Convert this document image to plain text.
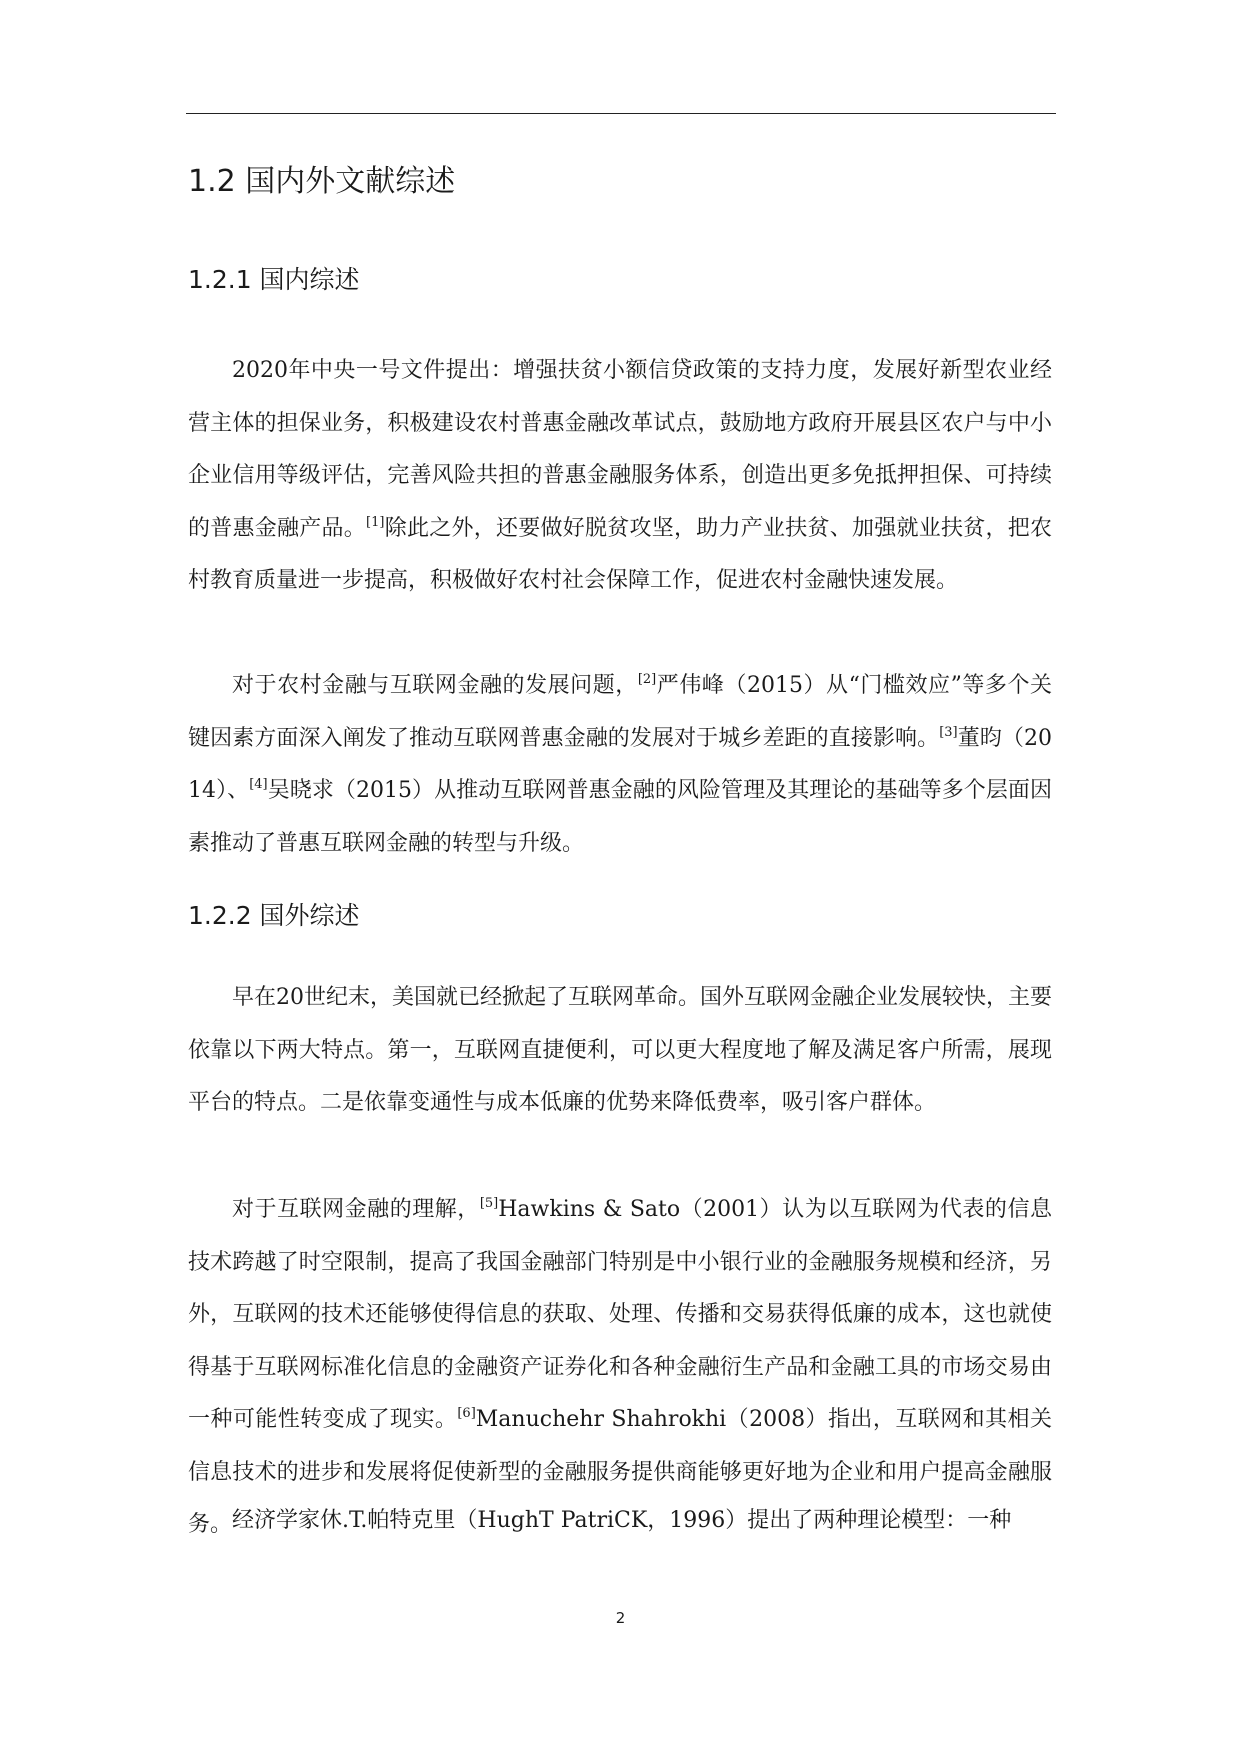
1.2 国内外文献综述
1.2.1 国内综述

2020年中央一号文件提出：增强扶贫小额信贷政策的支持力度，发展好新型农业经营主体的担保业务，积极建设农村普惠金融改革试点，鼓励地方政府开展县区农户与中小企业信用等级评估，完善风险共担的普惠金融服务体系，创造出更多免抵押担保、可持续的普惠金融产品。[1]除此之外，还要做好脱贫攻坚，助力产业扶贫、加强就业扶贫，把农村教育质量进一步提高，积极做好农村社会保障工作，促进农村金融快速发展。

对于农村金融与互联网金融的发展问题，[2]严伟峰（2015）从“门槛效应”等多个关键因素方面深入阐发了推动互联网普惠金融的发展对于城乡差距的直接影响。[3]董昀（2014）、[4]吴晓求（2015）从推动互联网普惠金融的风险管理及其理论的基础等多个层面因素推动了普惠互联网金融的转型与升级。

1.2.2 国外综述

早在20世纪末，美国就已经掀起了互联网革命。国外互联网金融企业发展较快，主要依靠以下两大特点。第一，互联网直捷便利，可以更大程度地了解及满足客户所需，展现平台的特点。二是依靠变通性与成本低廉的优势来降低费率，吸引客户群体。

对于互联网金融的理解，[5]Hawkins & Sato（2001）认为以互联网为代表的信息技术跨越了时空限制，提高了我国金融部门特别是中小银行业的金融服务规模和经济，另外，互联网的技术还能够使得信息的获取、处理、传播和交易获得低廉的成本，这也就使得基于互联网标准化信息的金融资产证券化和各种金融衍生产品和金融工具的市场交易由一种可能性转变成了现实。[6]Manuchehr Shahrokhi（2008）指出，互联网和其相关信息技术的进步和发展将促使新型的金融服务提供商能够更好地为企业和用户提高金融服务。 经济学家休.T.帕特克里（HughT PatriCK，1996）提出了两种理论模型：一种

2
